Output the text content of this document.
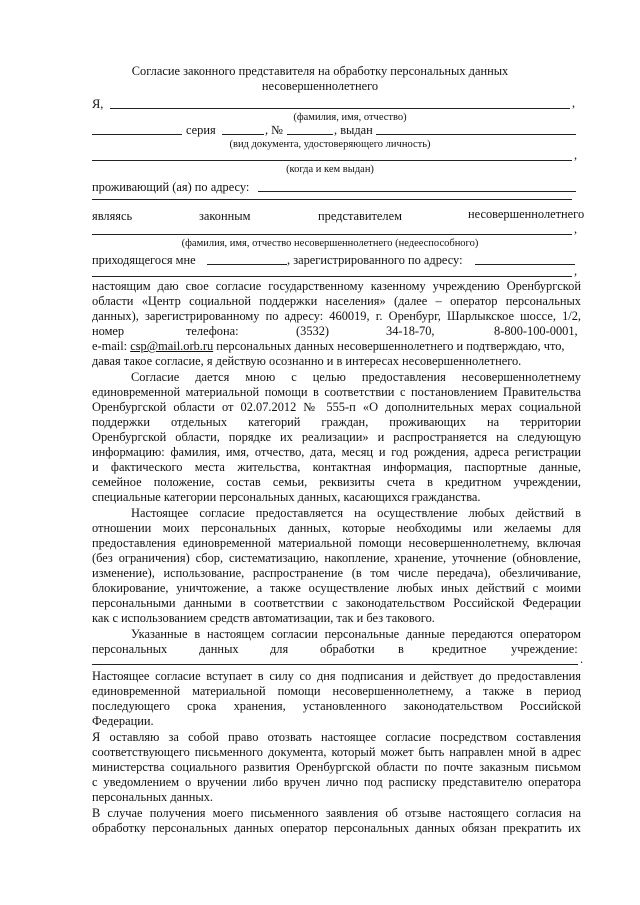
Согласие законного представителя на обработку персональных данных
несовершеннолетнего
Я,	,
(фамилия, имя, отчество)
серия	, №	, выдан
(вид документа, удостоверяющего личность)
,
(когда и кем выдан)
проживающий (ая) по адресу:
являясь	законным	представителем	несовершеннолетнего
,
(фамилия, имя, отчество несовершеннолетнего (недееспособного)
приходящегося мне	, зарегистрированного по адресу:
,
настоящим даю свое согласие государственному казенному учреждению Оренбургской
области «Центр социальной поддержки населения» (далее – оператор персональных
данных), зарегистрированному по адресу: 460019, г. Оренбург, Шарлыкское шоссе, 1/2,
номер	телефона:	(3532)	34-18-70,	8-800-100-0001,
e-mail: csp@mail.orb.ru персональных данных несовершеннолетнего и подтверждаю, что,
давая такое согласие, я действую осознанно и в интересах несовершеннолетнего.
Согласие дается мною с целью предоставления несовершеннолетнему
единовременной материальной помощи в соответствии с постановлением Правительства
Оренбургской области от 02.07.2012 № 555-п «О дополнительных мерах социальной
поддержки отдельных категорий граждан, проживающих на территории
Оренбургской области, порядке их реализации» и распространяется на следующую
информацию: фамилия, имя, отчество, дата, месяц и год рождения, адреса регистрации
и фактического места жительства, контактная информация, паспортные данные,
семейное положение, состав семьи, реквизиты счета в кредитном учреждении,
специальные категории персональных данных, касающихся гражданства.
Настоящее согласие предоставляется на осуществление любых действий в
отношении моих персональных данных, которые необходимы или желаемы для
предоставления единовременной материальной помощи несовершеннолетнему, включая
(без ограничения) сбор, систематизацию, накопление, хранение, уточнение (обновление,
изменение), использование, распространение (в том числе передача), обезличивание,
блокирование, уничтожение, а также осуществление любых иных действий с моими
персональными данными в соответствии с законодательством Российской Федерации
как с использованием средств автоматизации, так и без такового.
Указанные в настоящем согласии персональные данные передаются оператором
персональных	данных	для	обработки в кредитное учреждение:
.
Настоящее согласие вступает в силу со дня подписания и действует до предоставления
единовременной материальной помощи несовершеннолетнему, а также в период
последующего срока хранения, установленного законодательством Российской
Федерации.
Я оставляю за собой право отозвать настоящее согласие посредством составления
соответствующего письменного документа, который может быть направлен мной в адрес
министерства социального развития Оренбургской области по почте заказным письмом
с уведомлением о вручении либо вручен лично под расписку представителю оператора
персональных данных.
В случае получения моего письменного заявления об отзыве настоящего согласия на
обработку персональных данных оператор персональных данных обязан прекратить их
